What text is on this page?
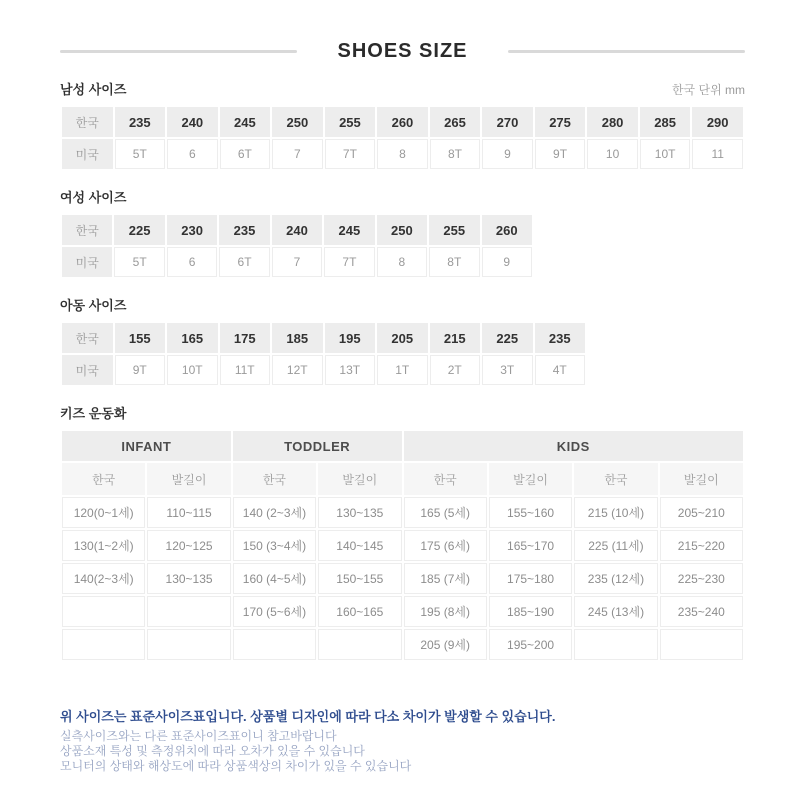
SHOES SIZE
남성 사이즈	한국 단위 mm
한국	235	240	245	250	255	260	265	270	275	280	285	290
미국	5T	6	6T	7	7T	8	8T	9	9T	10	10T	11
여성 사이즈
한국	225	230	235	240	245	250	255	260
미국	5T	6	6T	7	7T	8	8T	9
아동 사이즈
한국	155	165	175	185	195	205	215	225	235
미국	9T	10T	11T	12T	13T	1T	2T	3T	4T
키즈 운동화
INFANT		TODDLER		KIDS			
한국	발길이	한국	발길이	한국	발길이	한국	발길이
120(0~1세)	110~115	140 (2~3세)	130~135	165 (5세)	155~160	215 (10세)	205~210
130(1~2세)	120~125	150 (3~4세)	140~145	175 (6세)	165~170	225 (11세)	215~220
140(2~3세)	130~135	160 (4~5세)	150~155	185 (7세)	175~180	235 (12세)	225~230
		170 (5~6세)	160~165	195 (8세)	185~190	245 (13세)	235~240
				205 (9세)	195~200		
위 사이즈는 표준사이즈표입니다. 상품별 디자인에 따라 다소 차이가 발생할 수 있습니다.
실측사이즈와는 다른 표준사이즈표이니 참고바랍니다
상품소재 특성 및 측정위치에 따라 오차가 있을 수 있습니다
모니터의 상태와 해상도에 따라 상품색상의 차이가 있을 수 있습니다
